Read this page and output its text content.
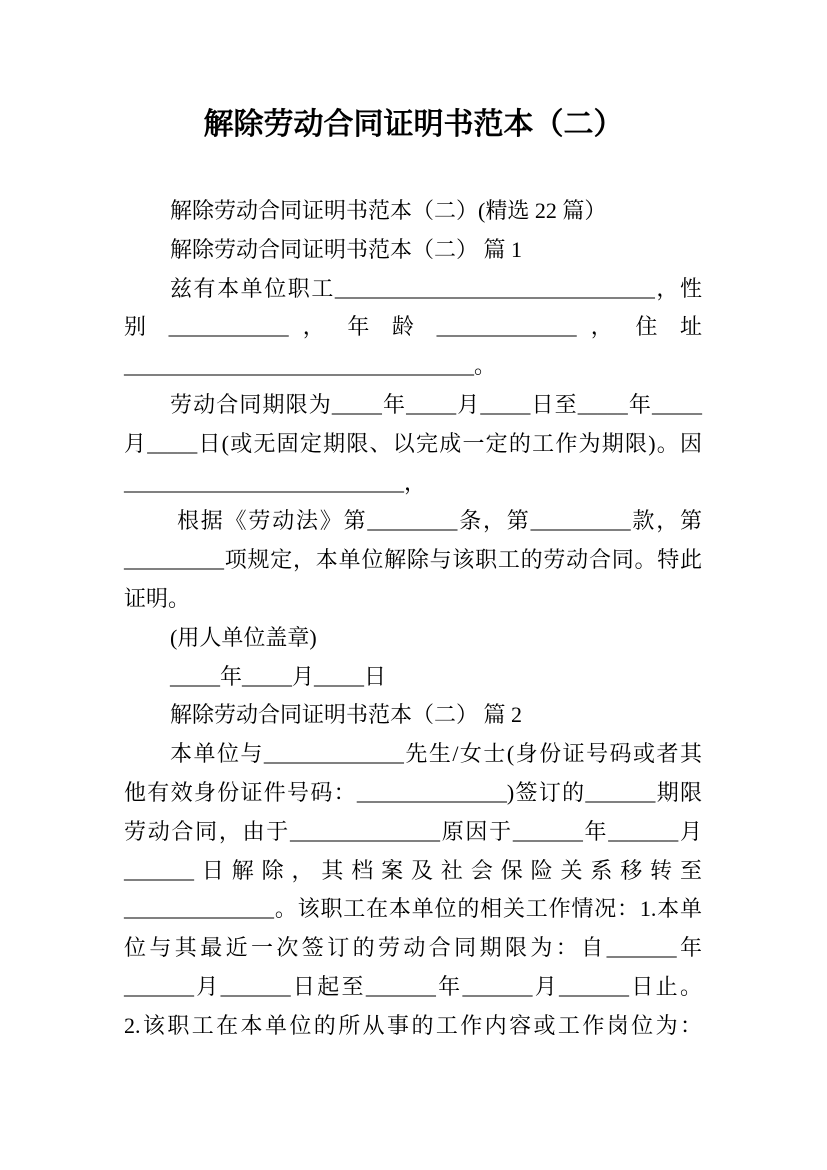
解除劳动合同证明书范本（二）
解除劳动合同证明书范本（二）(精选 22 篇）
解除劳动合同证明书范本（二） 篇 1
兹有本单位职工________________________________，性
别 ____________ ， 年 龄 ______________ ， 住 址
___________________________________。
劳动合同期限为_____年_____月_____日至_____年_____
月_____日(或无固定期限、以完成一定的工作为期限)。因
____________________________，
根据《劳动法》第_________条，第__________款，第
__________项规定，本单位解除与该职工的劳动合同。特此
证明。
(用人单位盖章)
_____年_____月_____日
解除劳动合同证明书范本（二） 篇 2
本单位与______________先生/女士(身份证号码或者其
他有效身份证件号码：_______________)签订的_______期限
劳动合同，由于_______________原因于_______年_______月
_______日解除，其档案及社会保险关系移转至
_______________。该职工在本单位的相关工作情况：1.本单
位与其最近一次签订的劳动合同期限为：自_______年
_______月_______日起至_______年_______月_______日止。
2.该职工在本单位的所从事的工作内容或工作岗位为：
